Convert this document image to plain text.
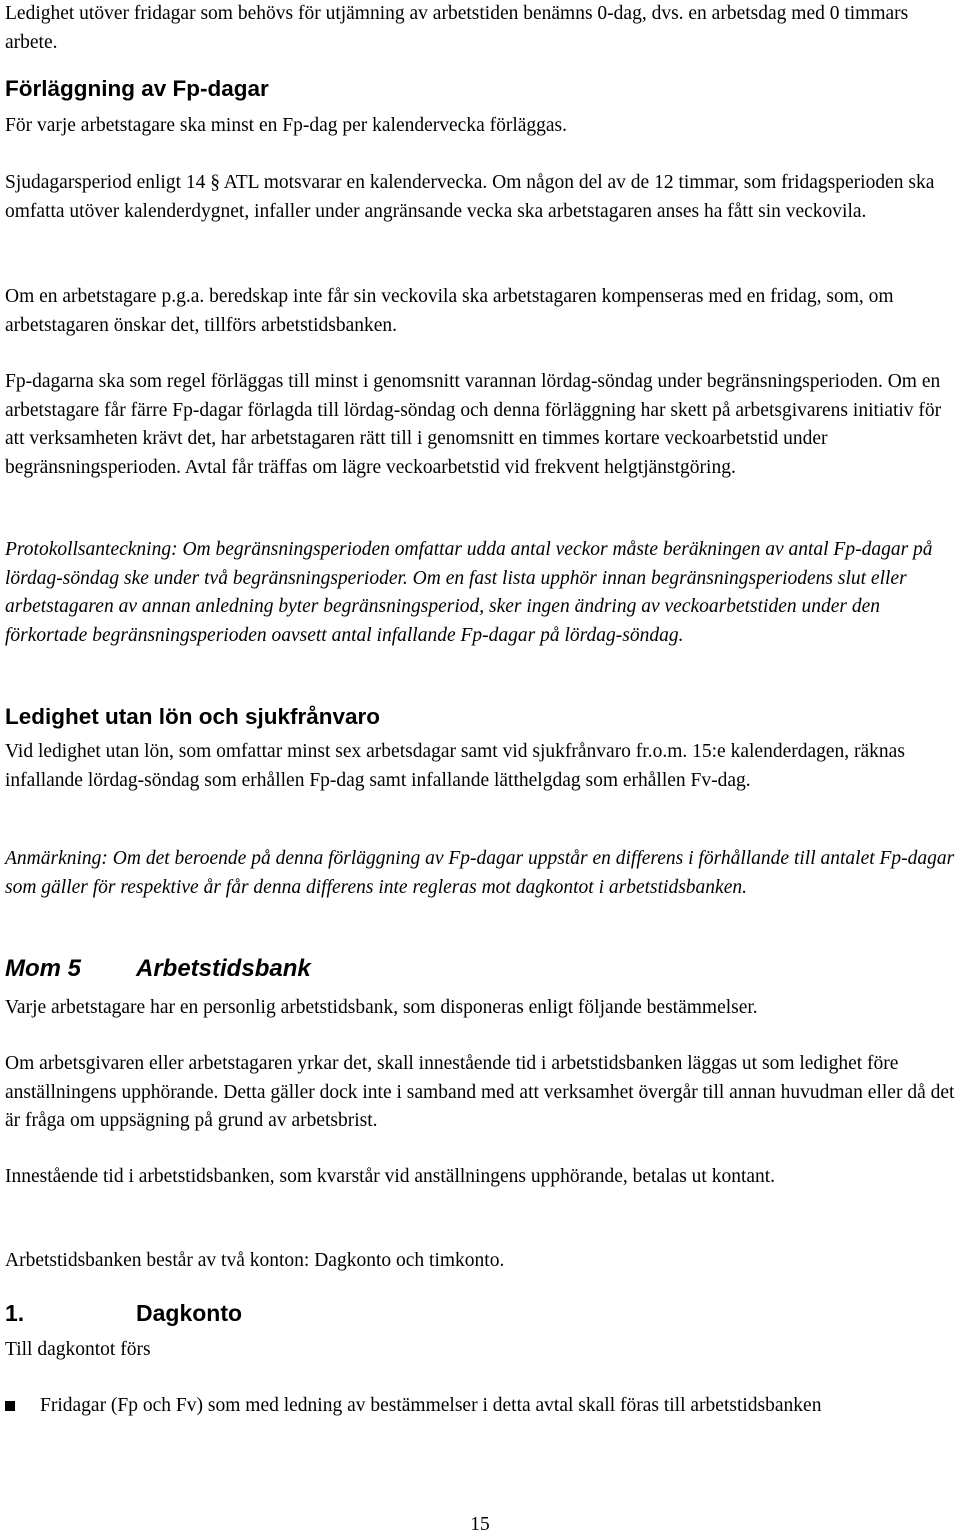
Ledighet utöver fridagar som behövs för utjämning av arbetstiden benämns 0-dag, dvs. en arbetsdag med 0 timmars arbete.

Förläggning av Fp-dagar

För varje arbetstagare ska minst en Fp-dag per kalendervecka förläggas.

Sjudagarsperiod enligt 14 § ATL motsvarar en kalendervecka. Om någon del av de 12 timmar, som fridagsperioden ska omfatta utöver kalenderdygnet, infaller under angränsande vecka ska arbetstagaren anses ha fått sin veckovila.

Om en arbetstagare p.g.a. beredskap inte får sin veckovila ska arbetstagaren kompenseras med en fridag, som, om arbetstagaren önskar det, tillförs arbetstidsbanken.

Fp-dagarna ska som regel förläggas till minst i genomsnitt varannan lördag-söndag under begränsningsperioden. Om en arbetstagare får färre Fp-dagar förlagda till lördag-söndag och denna förläggning har skett på arbetsgivarens initiativ för att verksamheten krävt det, har arbetstagaren rätt till i genomsnitt en timmes kortare veckoarbetstid under begränsningsperioden. Avtal får träffas om lägre veckoarbetstid vid frekvent helgtjänstgöring.

Protokollsanteckning: Om begränsningsperioden omfattar udda antal veckor måste beräkningen av antal Fp-dagar på lördag-söndag ske under två begränsningsperioder. Om en fast lista upphör innan begränsningsperiodens slut eller arbetstagaren av annan anledning byter begränsningsperiod, sker ingen ändring av veckoarbetstiden under den förkortade begränsningsperioden oavsett antal infallande Fp-dagar på lördag-söndag.

Ledighet utan lön och sjukfrånvaro

Vid ledighet utan lön, som omfattar minst sex arbetsdagar samt vid sjukfrånvaro fr.o.m. 15:e kalenderdagen, räknas infallande lördag-söndag som erhållen Fp-dag samt infallande lätthelgdag som erhållen Fv-dag.

Anmärkning: Om det beroende på denna förläggning av Fp-dagar uppstår en differens i förhållande till antalet Fp-dagar som gäller för respektive år får denna differens inte regleras mot dagkontot i arbetstidsbanken.

Mom 5 Arbetstidsbank

Varje arbetstagare har en personlig arbetstidsbank, som disponeras enligt följande bestämmelser.

Om arbetsgivaren eller arbetstagaren yrkar det, skall innestående tid i arbetstidsbanken läggas ut som ledighet före anställningens upphörande. Detta gäller dock inte i samband med att verksamhet övergår till annan huvudman eller då det är fråga om uppsägning på grund av arbetsbrist.

Innestående tid i arbetstidsbanken, som kvarstår vid anställningens upphörande, betalas ut kontant.

Arbetstidsbanken består av två konton: Dagkonto och timkonto.

1.	Dagkonto

Till dagkontot förs

Fridagar (Fp och Fv) som med ledning av bestämmelser i detta avtal skall föras till arbetstidsbanken
15
